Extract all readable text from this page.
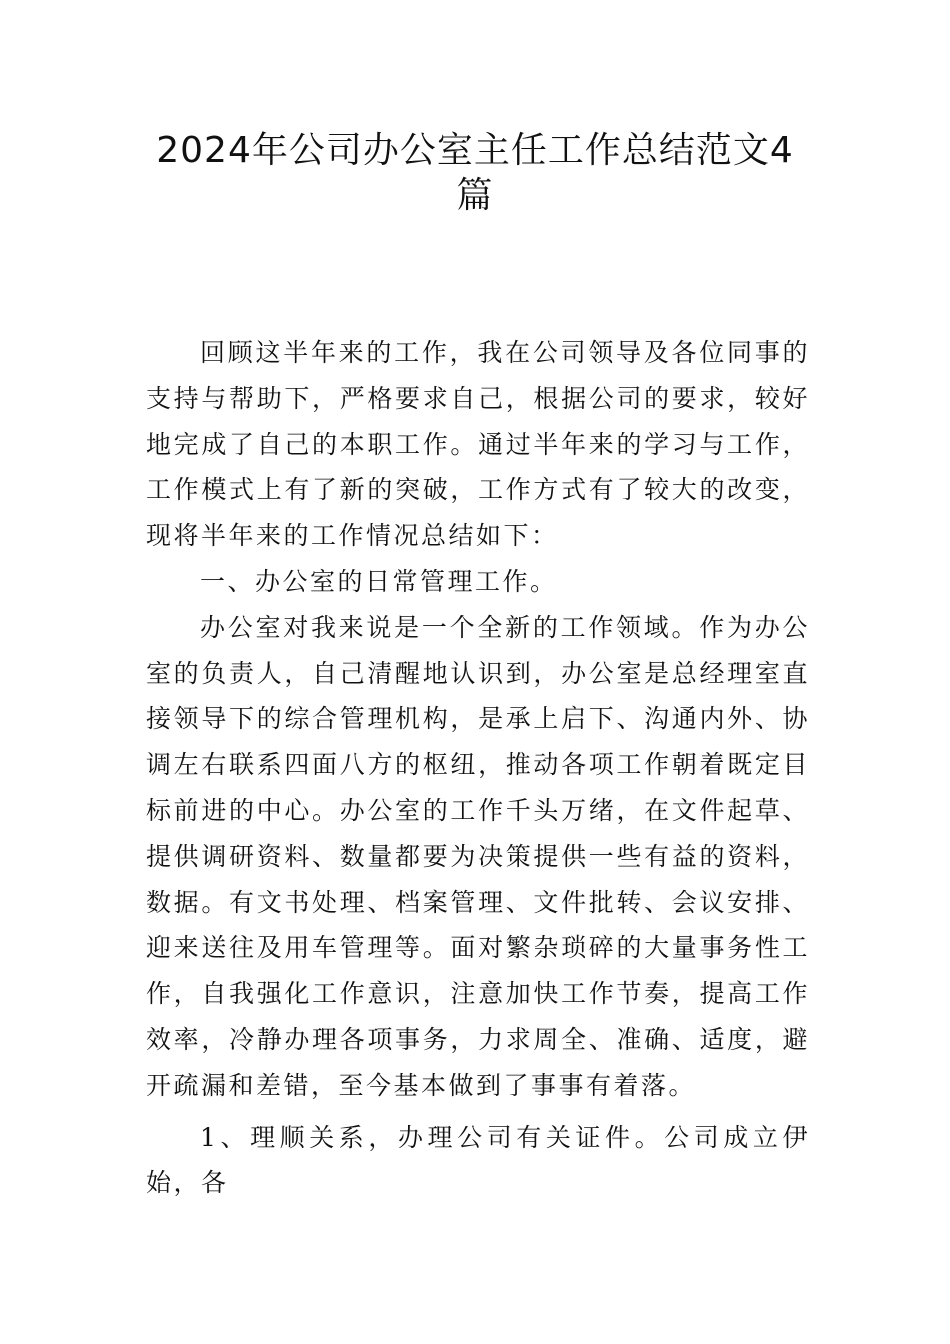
2024年公司办公室主任工作总结范文4篇

回顾这半年来的工作，我在公司领导及各位同事的支持与帮助下，严格要求自己，根据公司的要求，较好地完成了自己的本职工作。通过半年来的学习与工作，工作模式上有了新的突破，工作方式有了较大的改变，现将半年来的工作情况总结如下：

一、办公室的日常管理工作。

办公室对我来说是一个全新的工作领域。作为办公室的负责人，自己清醒地认识到，办公室是总经理室直接领导下的综合管理机构，是承上启下、沟通内外、协调左右联系四面八方的枢纽，推动各项工作朝着既定目标前进的中心。办公室的工作千头万绪，在文件起草、提供调研资料、数量都要为决策提供一些有益的资料，数据。有文书处理、档案管理、文件批转、会议安排、迎来送往及用车管理等。面对繁杂琐碎的大量事务性工作，自我强化工作意识，注意加快工作节奏，提高工作效率，冷静办理各项事务，力求周全、准确、适度，避开疏漏和差错，至今基本做到了事事有着落。

1、理顺关系，办理公司有关证件。公司成立伊始，各
